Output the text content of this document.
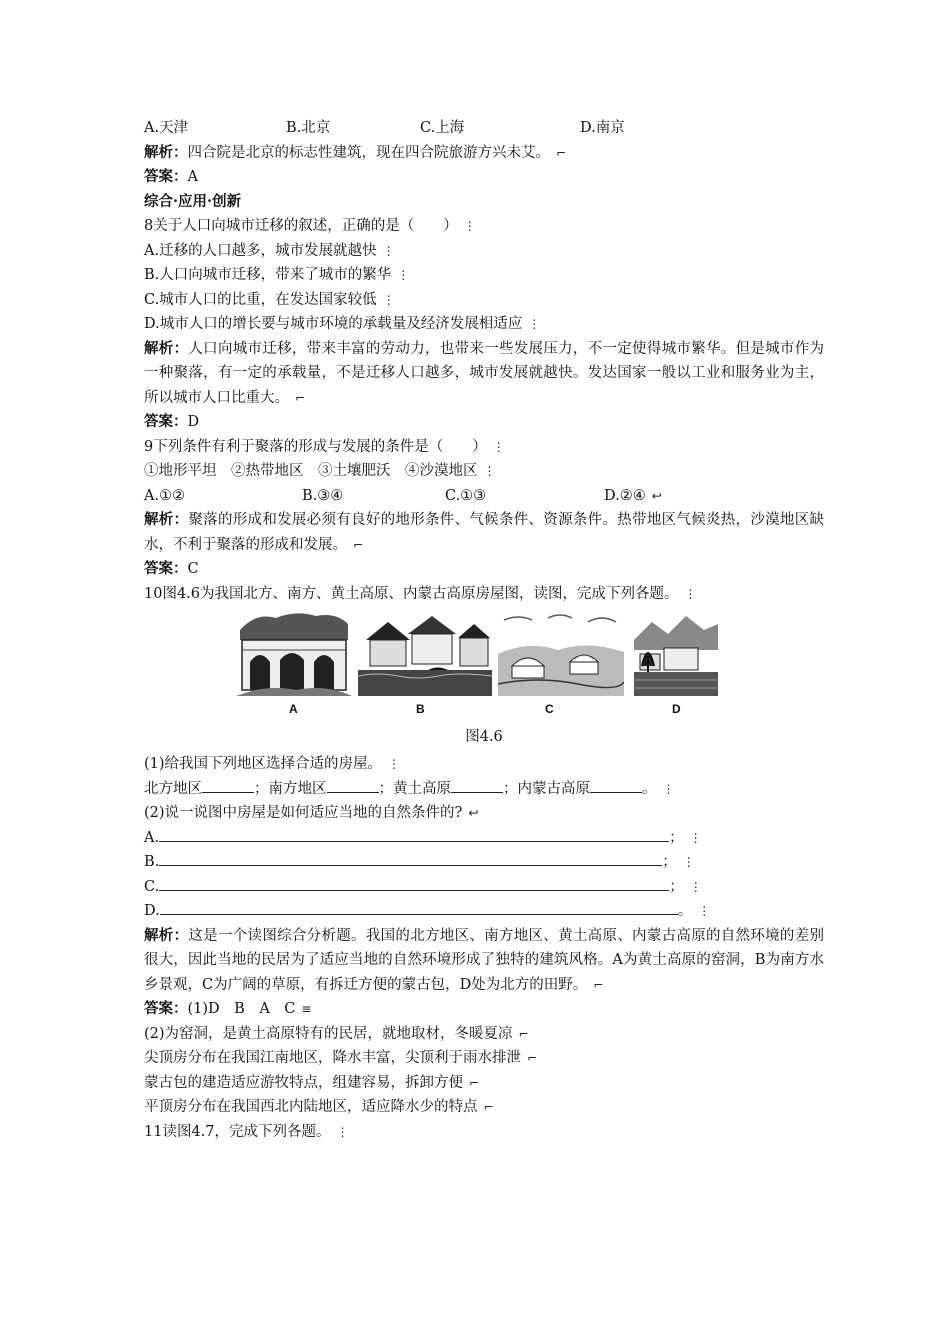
A.天津	B.北京	C.上海	D.南京
解析：四合院是北京的标志性建筑，现在四合院旅游方兴未艾。 ⌐
答案：A
综合·应用·创新
8关于人口向城市迁移的叙述，正确的是（　　） ⋮
A.迁移的人口越多，城市发展就越快 ⋮
B.人口向城市迁移，带来了城市的繁华 ⋮
C.城市人口的比重，在发达国家较低 ⋮
D.城市人口的增长要与城市环境的承载量及经济发展相适应 ⋮
解析：人口向城市迁移，带来丰富的劳动力，也带来一些发展压力，不一定使得城市繁华。但是城市作为一种聚落，有一定的承载量，不是迁移人口越多，城市发展就越快。发达国家一般以工业和服务业为主，所以城市人口比重大。 ⌐
答案：D
9下列条件有利于聚落的形成与发展的条件是（　　） ⋮
①地形平坦　②热带地区　③土壤肥沃　④沙漠地区 ⋮
A.①②	B.③④	C.①③	D.②④ ↩
解析：聚落的形成和发展必须有良好的地形条件、气候条件、资源条件。热带地区气候炎热，沙漠地区缺水，不利于聚落的形成和发展。 ⌐
答案：C
10图4.6为我国北方、南方、黄土高原、内蒙古高原房屋图，读图，完成下列各题。 ⋮
A	B	C	D
图4.6
(1)给我国下列地区选择合适的房屋。 ⋮
北方地区	；南方地区	；黄土高原	；内蒙古高原	。 ⋮
(2)说一说图中房屋是如何适应当地的自然条件的? ↩
A.	； ⋮
B.	； ⋮
C.	； ⋮
D.	。 ⋮
解析：这是一个读图综合分析题。我国的北方地区、南方地区、黄土高原、内蒙古高原的自然环境的差别很大，因此当地的民居为了适应当地的自然环境形成了独特的建筑风格。A为黄土高原的窑洞，B为南方水乡景观，C为广阔的草原，有拆迁方便的蒙古包，D处为北方的田野。 ⌐
答案：(1)D　B　A　C ≡
(2)为窑洞，是黄土高原特有的民居，就地取材，冬暖夏凉 ⌐
尖顶房分布在我国江南地区，降水丰富，尖顶利于雨水排泄 ⌐
蒙古包的建造适应游牧特点，组建容易，拆卸方便 ⌐
平顶房分布在我国西北内陆地区，适应降水少的特点 ⌐
11读图4.7，完成下列各题。 ⋮
